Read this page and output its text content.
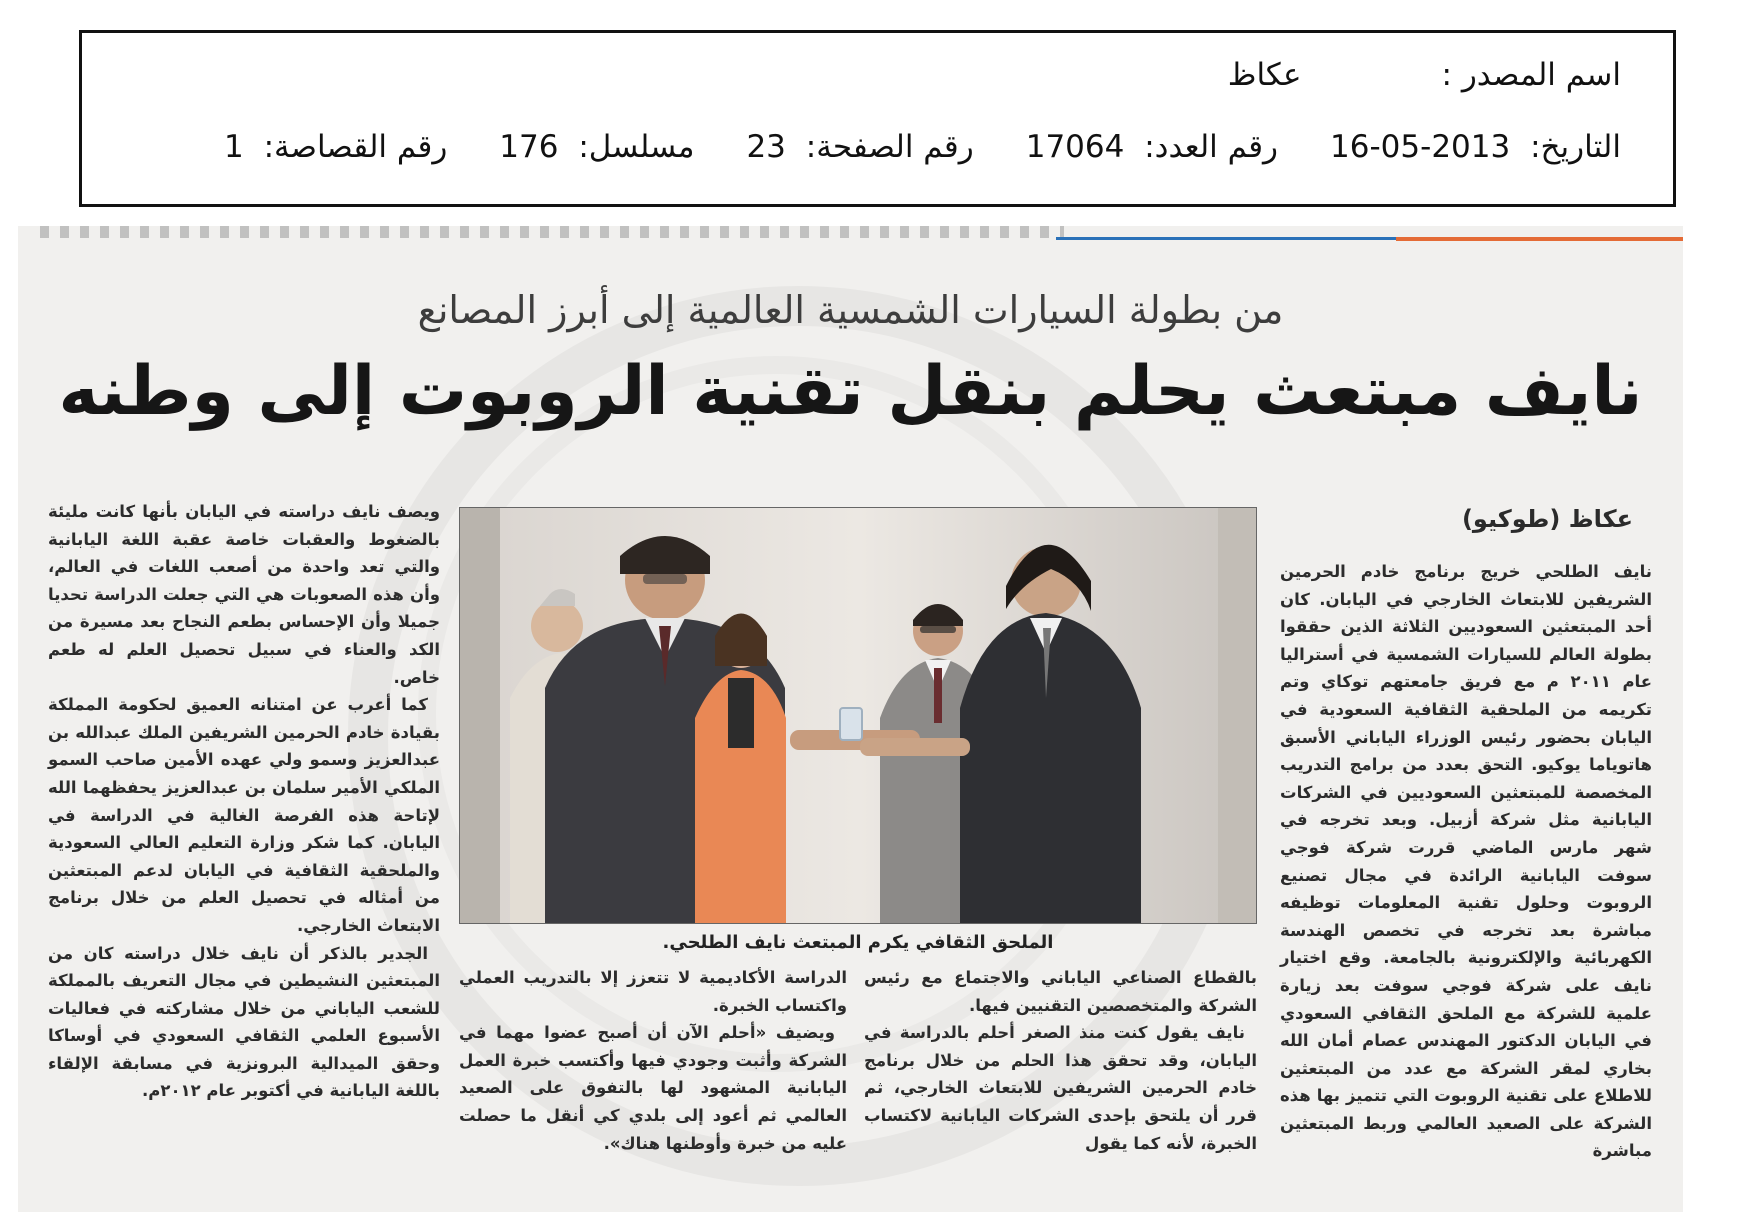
اسم المصدر :
عكاظ
التاريخ: 2013-05-16
رقم العدد: 17064
رقم الصفحة: 23
مسلسل: 176
رقم القصاصة: 1
من بطولة السيارات الشمسية العالمية إلى أبرز المصانع
نايف مبتعث يحلم بنقل تقنية الروبوت إلى وطنه
عكاظ (طوكيو)

نايف الطلحي خريج برنامج خادم الحرمين الشريفين للابتعاث الخارجي في اليابان. كان أحد المبتعثين السعوديين الثلاثة الذين حققوا بطولة العالم للسيارات الشمسية في أستراليا عام ٢٠١١ م مع فريق جامعتهم توكاي وتم تكريمه من الملحقية الثقافية السعودية في اليابان بحضور رئيس الوزراء الياباني الأسبق هاتوياما يوكيو. التحق بعدد من برامج التدريب المخصصة للمبتعثين السعوديين في الشركات اليابانية مثل شركة أزبيل. وبعد تخرجه في شهر مارس الماضي قررت شركة فوجي سوفت اليابانية الرائدة في مجال تصنيع الروبوت وحلول تقنية المعلومات توظيفه مباشرة بعد تخرجه في تخصص الهندسة الكهربائية والإلكترونية بالجامعة. وقع اختيار نايف على شركة فوجي سوفت بعد زيارة علمية للشركة مع الملحق الثقافي السعودي في اليابان الدكتور المهندس عصام أمان الله بخاري لمقر الشركة مع عدد من المبتعثين للاطلاع على تقنية الروبوت التي تتميز بها هذه الشركة على الصعيد العالمي وربط المبتعثين مباشرة

بالقطاع الصناعي الياباني والاجتماع مع رئيس الشركة والمتخصصين التقنيين فيها.

نايف يقول كنت منذ الصغر أحلم بالدراسة في اليابان، وقد تحقق هذا الحلم من خلال برنامج خادم الحرمين الشريفين للابتعاث الخارجي، ثم قرر أن يلتحق بإحدى الشركات اليابانية لاكتساب الخبرة، لأنه كما يقول

الدراسة الأكاديمية لا تتعزز إلا بالتدريب العملي واكتساب الخبرة.

ويضيف «أحلم الآن أن أصبح عضوا مهما في الشركة وأثبت وجودي فيها وأكتسب خبرة العمل اليابانية المشهود لها بالتفوق على الصعيد العالمي ثم أعود إلى بلدي كي أنقل ما حصلت عليه من خبرة وأوطنها هناك».

ويصف نايف دراسته في اليابان بأنها كانت مليئة بالضغوط والعقبات خاصة عقبة اللغة اليابانية والتي تعد واحدة من أصعب اللغات في العالم، وأن هذه الصعوبات هي التي جعلت الدراسة تحديا جميلا وأن الإحساس بطعم النجاح بعد مسيرة من الكد والعناء في سبيل تحصيل العلم له طعم خاص.

كما أعرب عن امتنانه العميق لحكومة المملكة بقيادة خادم الحرمين الشريفين الملك عبدالله بن عبدالعزيز وسمو ولي عهده الأمين صاحب السمو الملكي الأمير سلمان بن عبدالعزيز يحفظهما الله لإتاحة هذه الفرصة الغالية في الدراسة في اليابان. كما شكر وزارة التعليم العالي السعودية والملحقية الثقافية في اليابان لدعم المبتعثين من أمثاله في تحصيل العلم من خلال برنامج الابتعاث الخارجي.

الجدير بالذكر أن نايف خلال دراسته كان من المبتعثين النشيطين في مجال التعريف بالمملكة للشعب الياباني من خلال مشاركته في فعاليات الأسبوع العلمي الثقافي السعودي في أوساكا وحقق الميدالية البرونزية في مسابقة الإلقاء باللغة اليابانية في أكتوبر عام ٢٠١٢م.

الملحق الثقافي يكرم المبتعث نايف الطلحي.
